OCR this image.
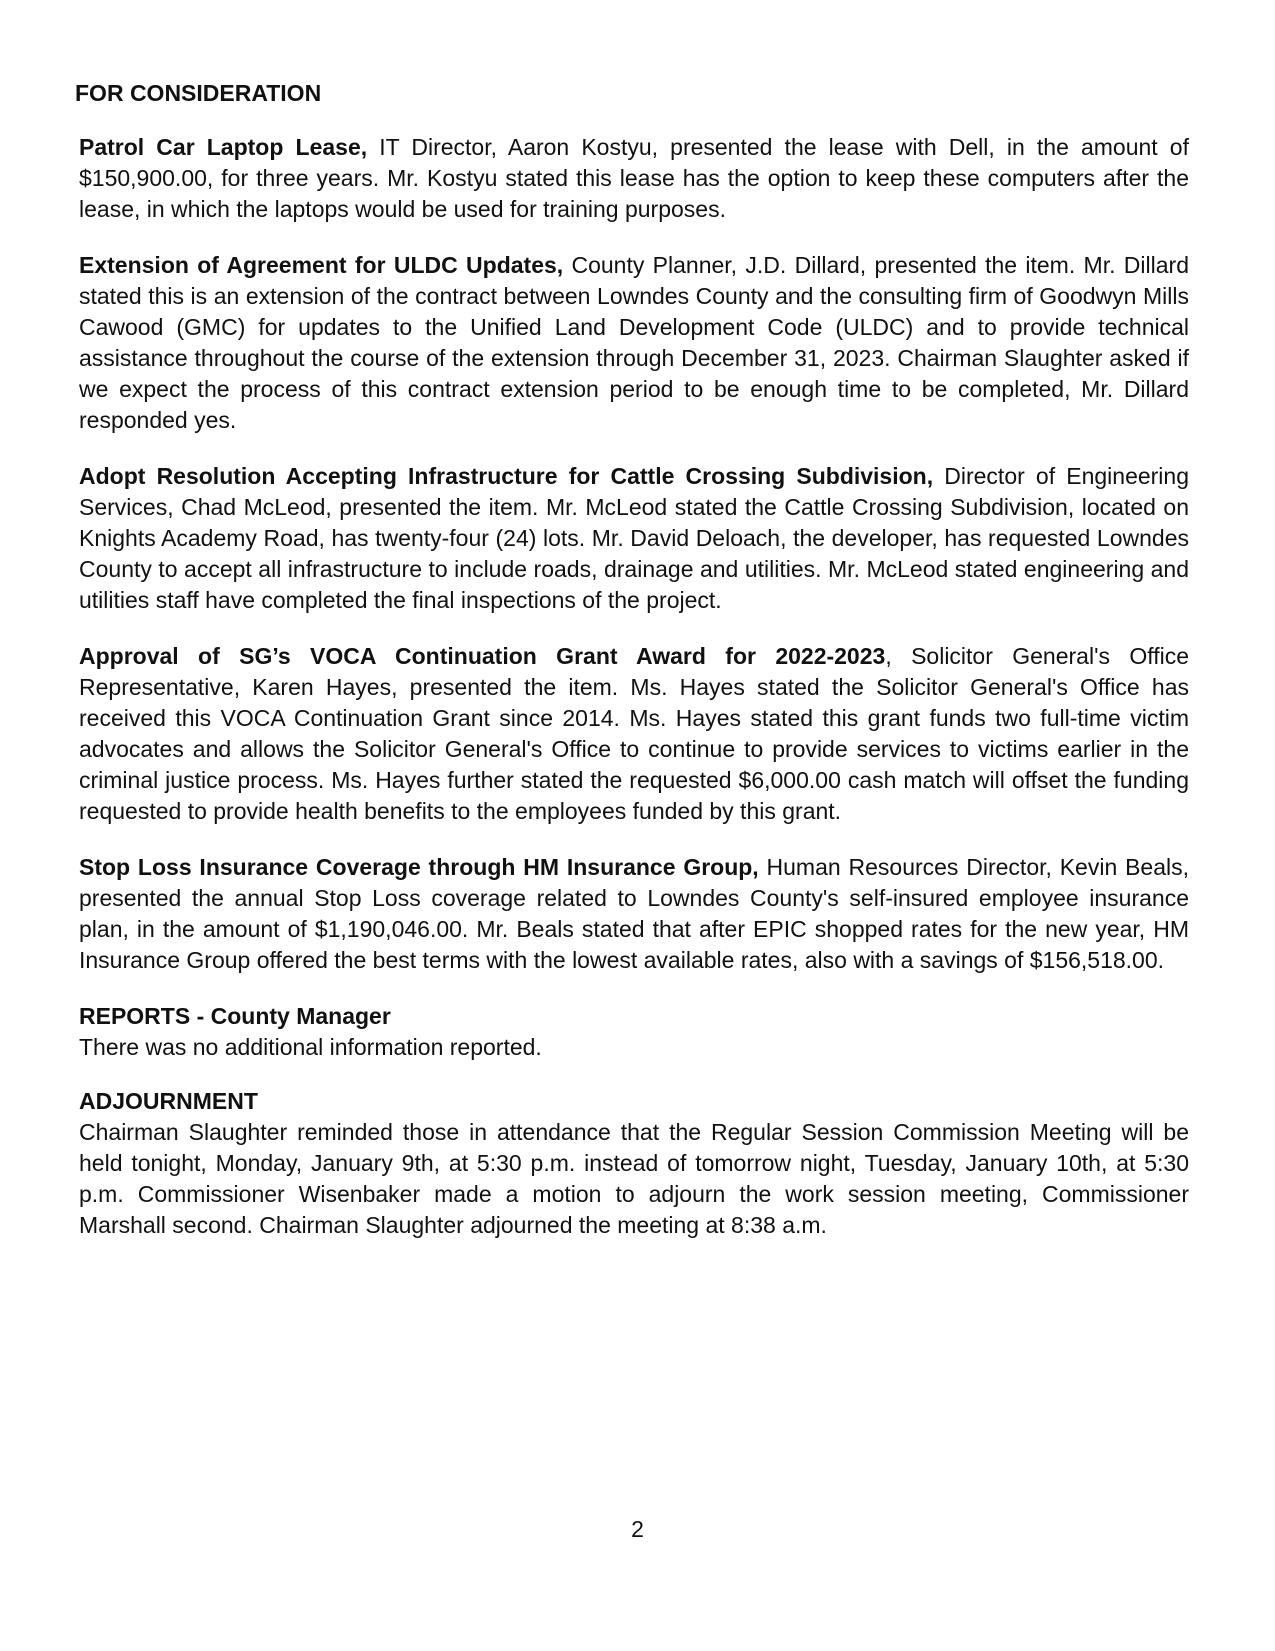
FOR CONSIDERATION

Patrol Car Laptop Lease, IT Director, Aaron Kostyu, presented the lease with Dell, in the amount of $150,900.00, for three years. Mr. Kostyu stated this lease has the option to keep these computers after the lease, in which the laptops would be used for training purposes.

Extension of Agreement for ULDC Updates, County Planner, J.D. Dillard, presented the item. Mr. Dillard stated this is an extension of the contract between Lowndes County and the consulting firm of Goodwyn Mills Cawood (GMC) for updates to the Unified Land Development Code (ULDC) and to provide technical assistance throughout the course of the extension through December 31, 2023. Chairman Slaughter asked if we expect the process of this contract extension period to be enough time to be completed, Mr. Dillard responded yes.

Adopt Resolution Accepting Infrastructure for Cattle Crossing Subdivision, Director of Engineering Services, Chad McLeod, presented the item. Mr. McLeod stated the Cattle Crossing Subdivision, located on Knights Academy Road, has twenty-four (24) lots. Mr. David Deloach, the developer, has requested Lowndes County to accept all infrastructure to include roads, drainage and utilities. Mr. McLeod stated engineering and utilities staff have completed the final inspections of the project.

Approval of SG’s VOCA Continuation Grant Award for 2022-2023, Solicitor General's Office Representative, Karen Hayes, presented the item. Ms. Hayes stated the Solicitor General's Office has received this VOCA Continuation Grant since 2014. Ms. Hayes stated this grant funds two full-time victim advocates and allows the Solicitor General's Office to continue to provide services to victims earlier in the criminal justice process. Ms. Hayes further stated the requested $6,000.00 cash match will offset the funding requested to provide health benefits to the employees funded by this grant.

Stop Loss Insurance Coverage through HM Insurance Group, Human Resources Director, Kevin Beals, presented the annual Stop Loss coverage related to Lowndes County's self-insured employee insurance plan, in the amount of $1,190,046.00. Mr. Beals stated that after EPIC shopped rates for the new year, HM Insurance Group offered the best terms with the lowest available rates, also with a savings of $156,518.00.

REPORTS - County Manager
There was no additional information reported.
ADJOURNMENT
Chairman Slaughter reminded those in attendance that the Regular Session Commission Meeting will be held tonight, Monday, January 9th, at 5:30 p.m. instead of tomorrow night, Tuesday, January 10th, at 5:30 p.m. Commissioner Wisenbaker made a motion to adjourn the work session meeting, Commissioner Marshall second. Chairman Slaughter adjourned the meeting at 8:38 a.m.
2
